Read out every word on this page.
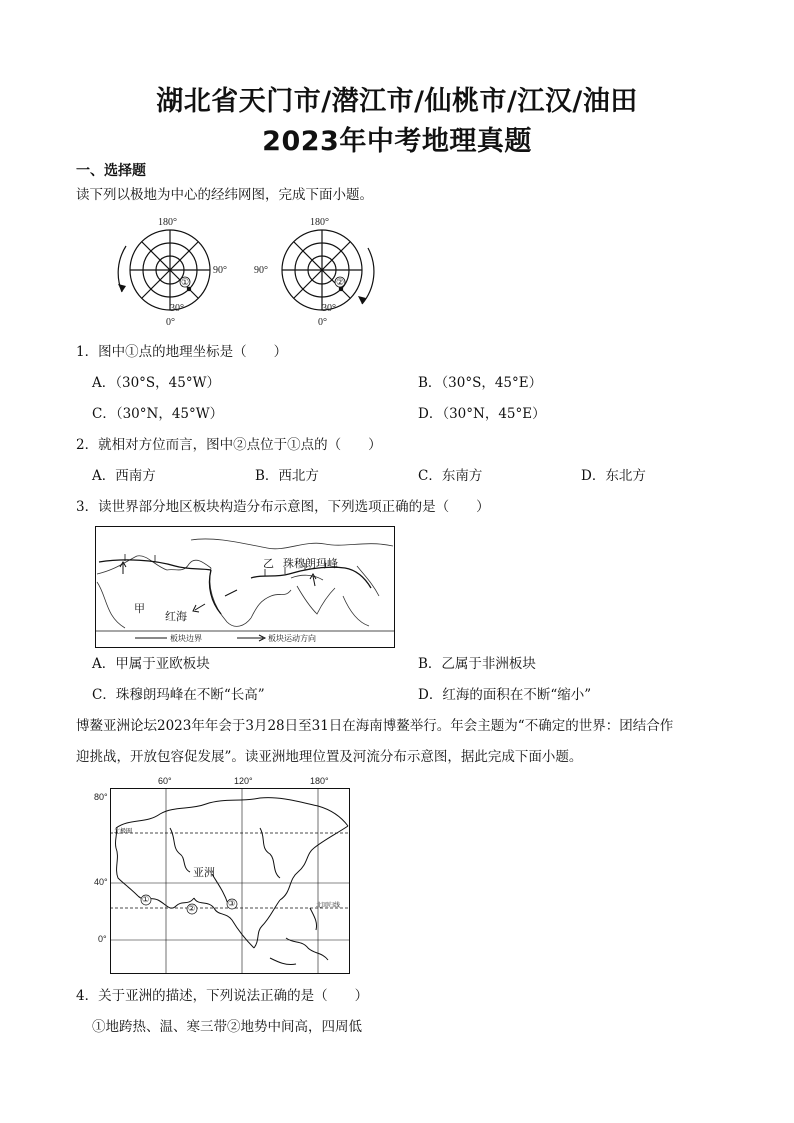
湖北省天门市/潜江市/仙桃市/江汉/油田
2023年中考地理真题
一、选择题
读下列以极地为中心的经纬网图，完成下面小题。
180°
90°
0°
30°
①
180°
90°
0°
30°
②
1．图中①点的地理坐标是（　　）
A．（30°S，45°W）	B．（30°S，45°E）
C．（30°N，45°W）	D．（30°N，45°E）
2．就相对方位而言，图中②点位于①点的（　　）
A．西南方	B．西北方	C．东南方	D．东北方
3．读世界部分地区板块构造分布示意图，下列选项正确的是（　　）
甲
乙 珠穆朗玛峰
红海
板块边界	板块运动方向
A．甲属于亚欧板块	B．乙属于非洲板块
C．珠穆朗玛峰在不断“长高”	D．红海的面积在不断“缩小”
博鳌亚洲论坛2023年年会于3月28日至31日在海南博鳌举行。年会主题为“不确定的世界：团结合作
迎挑战，开放包容促发展”。读亚洲地理位置及河流分布示意图，据此完成下面小题。
60°	120°	180°
80°
40°
0°
亚洲
北极圈
北回归线
①
②
③
4．关于亚洲的描述，下列说法正确的是（　　）
①地跨热、温、寒三带②地势中间高，四周低
